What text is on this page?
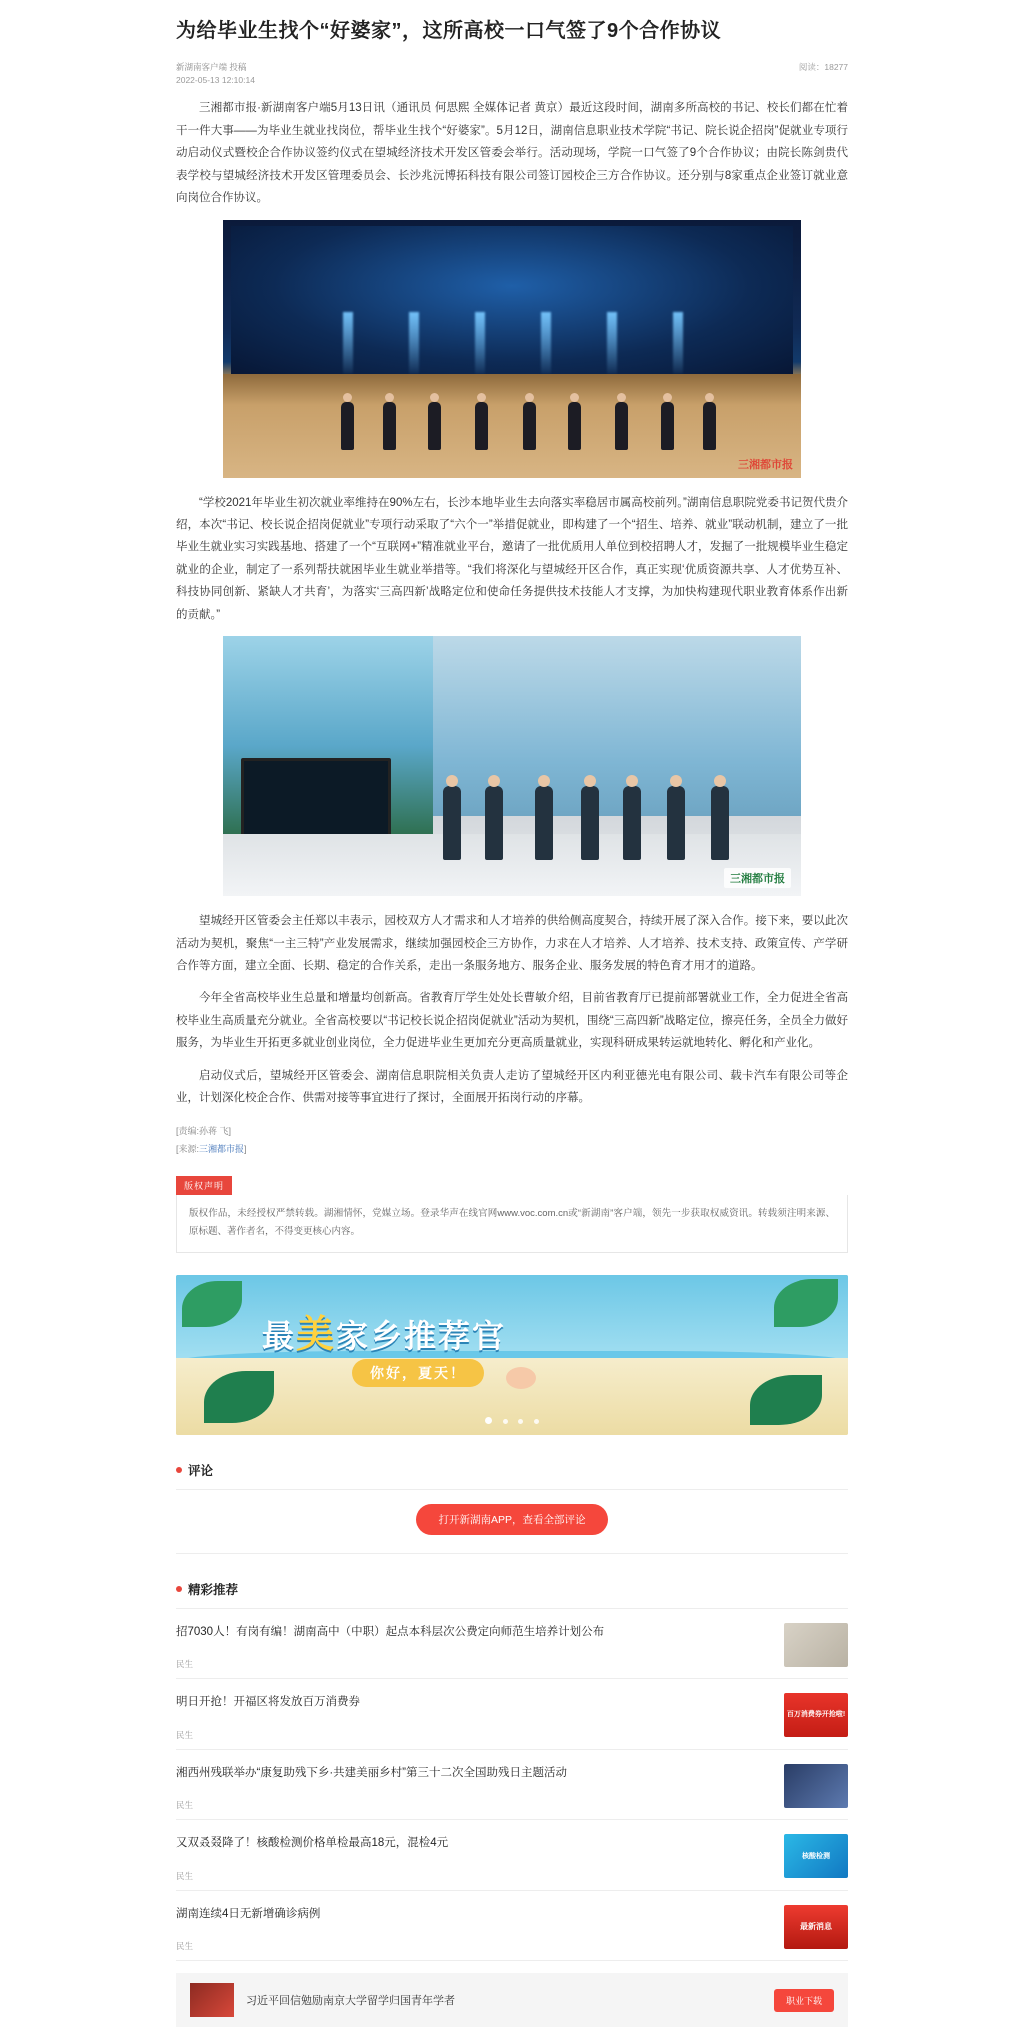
为给毕业生找个“好婆家”，这所高校一口气签了9个合作协议
阅读：18277
新湖南客户端 投稿
2022-05-13 12:10:14

三湘都市报·新湖南客户端5月13日讯（通讯员 何思熙 全媒体记者 黄京）最近这段时间，湖南多所高校的书记、校长们都在忙着干一件大事——为毕业生就业找岗位，帮毕业生找个“好婆家”。5月12日，湖南信息职业技术学院“书记、院长说企招岗”促就业专项行动启动仪式暨校企合作协议签约仪式在望城经济技术开发区管委会举行。活动现场，学院一口气签了9个合作协议；由院长陈剑贵代表学校与望城经济技术开发区管理委员会、长沙兆沅博拓科技有限公司签订园校企三方合作协议。还分别与8家重点企业签订就业意向岗位合作协议。

三湘都市报

“学校2021年毕业生初次就业率维持在90%左右，长沙本地毕业生去向落实率稳居市属高校前列。”湖南信息职院党委书记贺代贵介绍，本次“书记、校长说企招岗促就业”专项行动采取了“六个一”举措促就业，即构建了一个“招生、培养、就业”联动机制，建立了一批毕业生就业实习实践基地、搭建了一个“互联网+”精准就业平台，邀请了一批优质用人单位到校招聘人才，发掘了一批规模毕业生稳定就业的企业，制定了一系列帮扶就困毕业生就业举措等。“我们将深化与望城经开区合作，真正实现‘优质资源共享、人才优势互补、科技协同创新、紧缺人才共育’，为落实‘三高四新’战略定位和使命任务提供技术技能人才支撑，为加快构建现代职业教育体系作出新的贡献。”

三湘都市报

望城经开区管委会主任郑以丰表示，园校双方人才需求和人才培养的供给侧高度契合，持续开展了深入合作。接下来，要以此次活动为契机，聚焦“一主三特”产业发展需求，继续加强园校企三方协作，力求在人才培养、人才培养、技术支持、政策宣传、产学研合作等方面，建立全面、长期、稳定的合作关系，走出一条服务地方、服务企业、服务发展的特色育才用才的道路。

今年全省高校毕业生总量和增量均创新高。省教育厅学生处处长曹敏介绍，目前省教育厅已提前部署就业工作，全力促进全省高校毕业生高质量充分就业。全省高校要以“书记校长说企招岗促就业”活动为契机，围绕“三高四新”战略定位，擦亮任务，全员全力做好服务，为毕业生开拓更多就业创业岗位，全力促进毕业生更加充分更高质量就业，实现科研成果转运就地转化、孵化和产业化。

启动仪式后，望城经开区管委会、湖南信息职院相关负责人走访了望城经开区内利亚德光电有限公司、载卡汽车有限公司等企业，计划深化校企合作、供需对接等事宜进行了探讨，全面展开拓岗行动的序幕。

[责编:孙蒋 飞]
[来源:三湘都市报]
版权声明
版权作品，未经授权严禁转载。湖湘情怀，党媒立场。登录华声在线官网www.voc.com.cn或“新湖南”客户端，领先一步获取权威资讯。转载须注明来源、原标题、著作者名，不得变更核心内容。
最美家乡推荐官
你好，夏天！

评论
打开新湖南APP，查看全部评论
精彩推荐
招7030人！有岗有编！湖南高中（中职）起点本科层次公费定向师范生培养计划公布
民生
明日开抢！开福区将发放百万消费券
民生
百万消费券开抢啦!
湘西州残联举办“康复助残下乡·共建美丽乡村”第三十二次全国助残日主题活动
民生
又双叒叕降了！核酸检测价格单检最高18元，混检4元
民生
核酸检测
湖南连续4日无新增确诊病例
民生
最新消息
习近平回信勉励南京大学留学归国青年学者	职业下载
